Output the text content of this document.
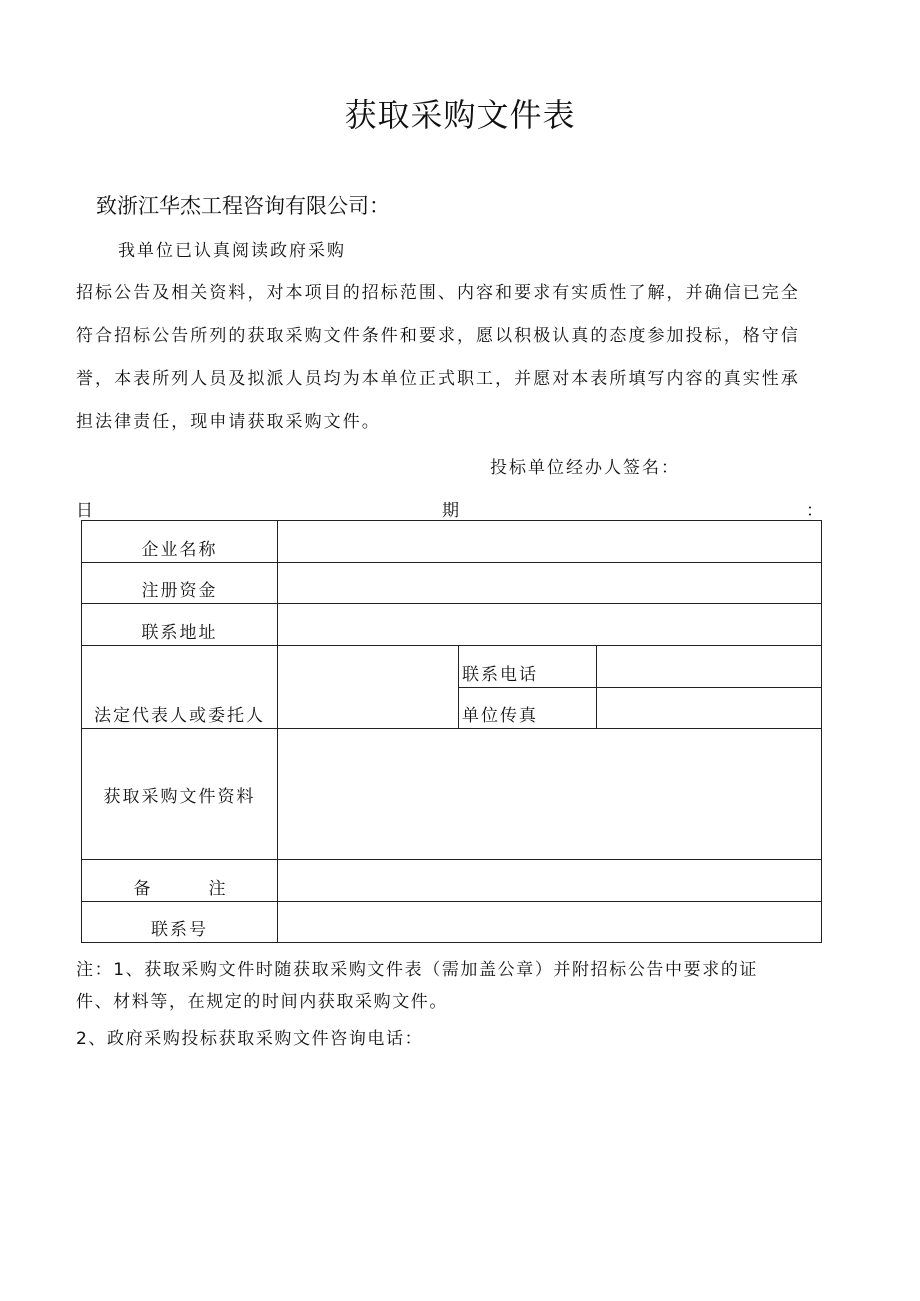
获取采购文件表
致浙江华杰工程咨询有限公司：
我单位已认真阅读政府采购
招标公告及相关资料，对本项目的招标范围、内容和要求有实质性了解，并确信已完全
符合招标公告所列的获取采购文件条件和要求，愿以积极认真的态度参加投标，格守信
誉，本表所列人员及拟派人员均为本单位正式职工，并愿对本表所填写内容的真实性承
担法律责任，现申请获取采购文件。
投标单位经办人签名：
日	期	：
企业名称			
注册资金			
联系地址			
法定代表人或委托人		联系电话	
		单位传真	
获取采购文件资料			
备 注			
联系号			
注：1、获取采购文件时随获取采购文件表（需加盖公章）并附招标公告中要求的证
件、材料等，在规定的时间内获取采购文件。
2、政府采购投标获取采购文件咨询电话：
